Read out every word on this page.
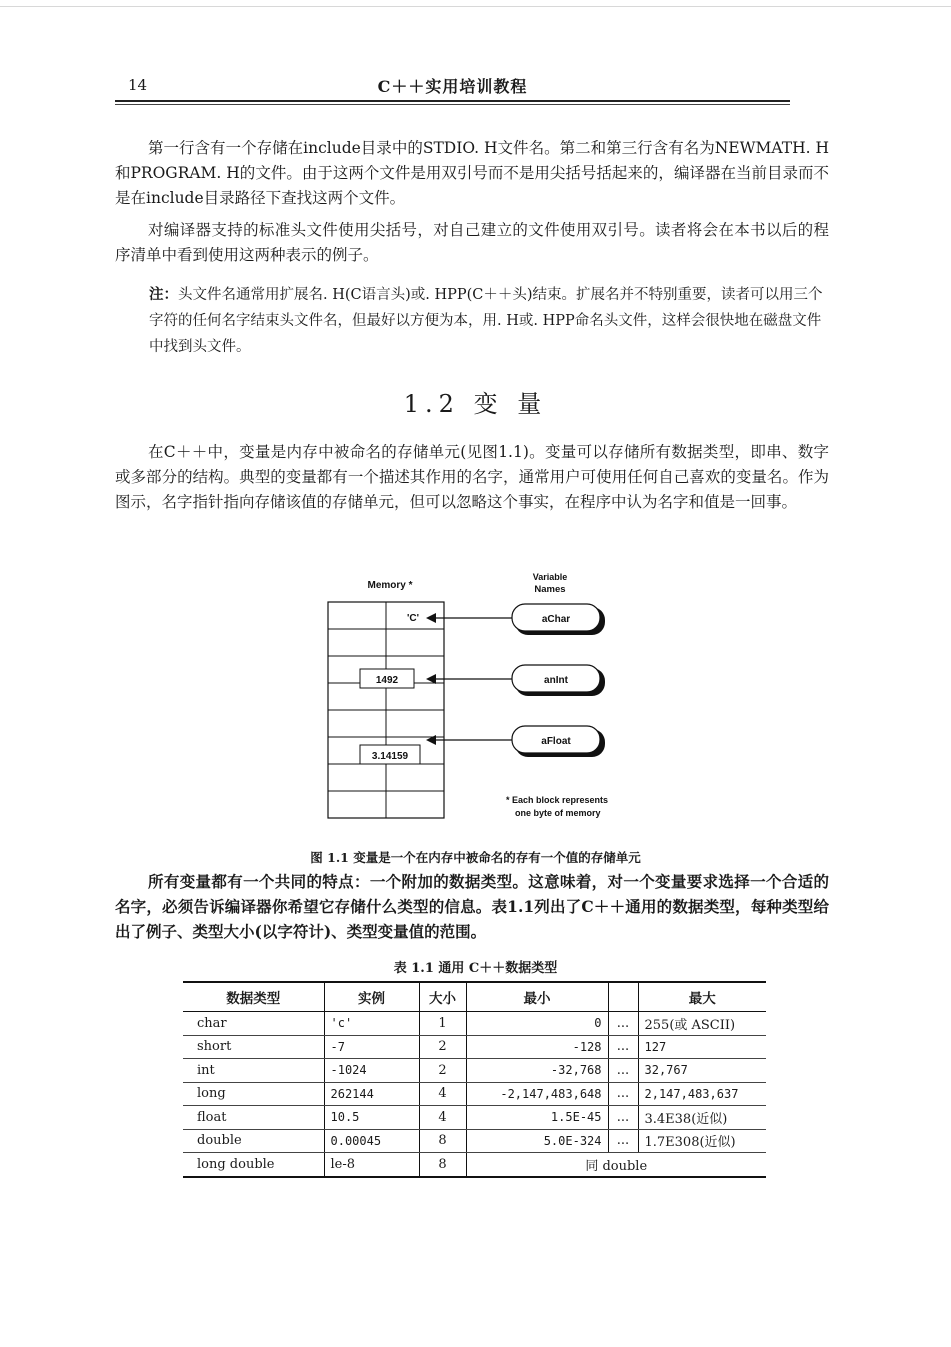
14	C＋＋实用培训教程

第一行含有一个存储在include目录中的STDIO. H文件名。第二和第三行含有名为NEWMATH. H和PROGRAM. H的文件。由于这两个文件是用双引号而不是用尖括号括起来的，编译器在当前目录而不是在include目录路径下查找这两个文件。

对编译器支持的标准头文件使用尖括号，对自己建立的文件使用双引号。读者将会在本书以后的程序清单中看到使用这两种表示的例子。

注：头文件名通常用扩展名. H(C语言头)或. HPP(C＋＋头)结束。扩展名并不特别重要，读者可以用三个字符的任何名字结束头文件名，但最好以方便为本，用. H或. HPP命名头文件，这样会很快地在磁盘文件中找到头文件。

1.2 变 量

在C＋＋中，变量是内存中被命名的存储单元(见图1.1)。变量可以存储所有数据类型，即串、数字或多部分的结构。典型的变量都有一个描述其作用的名字，通常用户可使用任何自己喜欢的变量名。作为图示，名字指针指向存储该值的存储单元，但可以忽略这个事实，在程序中认为名字和值是一回事。

Memory *
Variable
Names
'C'
1492
3.14159
aChar
anInt
aFloat
* Each block represents
one byte of memory

图 1.1 变量是一个在内存中被命名的存有一个值的存储单元

所有变量都有一个共同的特点：一个附加的数据类型。这意味着，对一个变量要求选择一个合适的名字，必须告诉编译器你希望它存储什么类型的信息。表1.1列出了C＋＋通用的数据类型，每种类型给出了例子、类型大小(以字符计)、类型变量值的范围。

表 1.1 通用 C＋＋数据类型

数据类型	实例	大小	最小		最大
char	'c'	1	0	...	255(或 ASCII)
short	-7	2	-128	...	127
int	-1024	2	-32,768	...	32,767
long	262144	4	-2,147,483,648	...	2,147,483,637
float	10.5	4	1.5E-45	...	3.4E38(近似)
double	0.00045	8	5.0E-324	...	1.7E308(近似)
long double	le-8	8	同 double		
